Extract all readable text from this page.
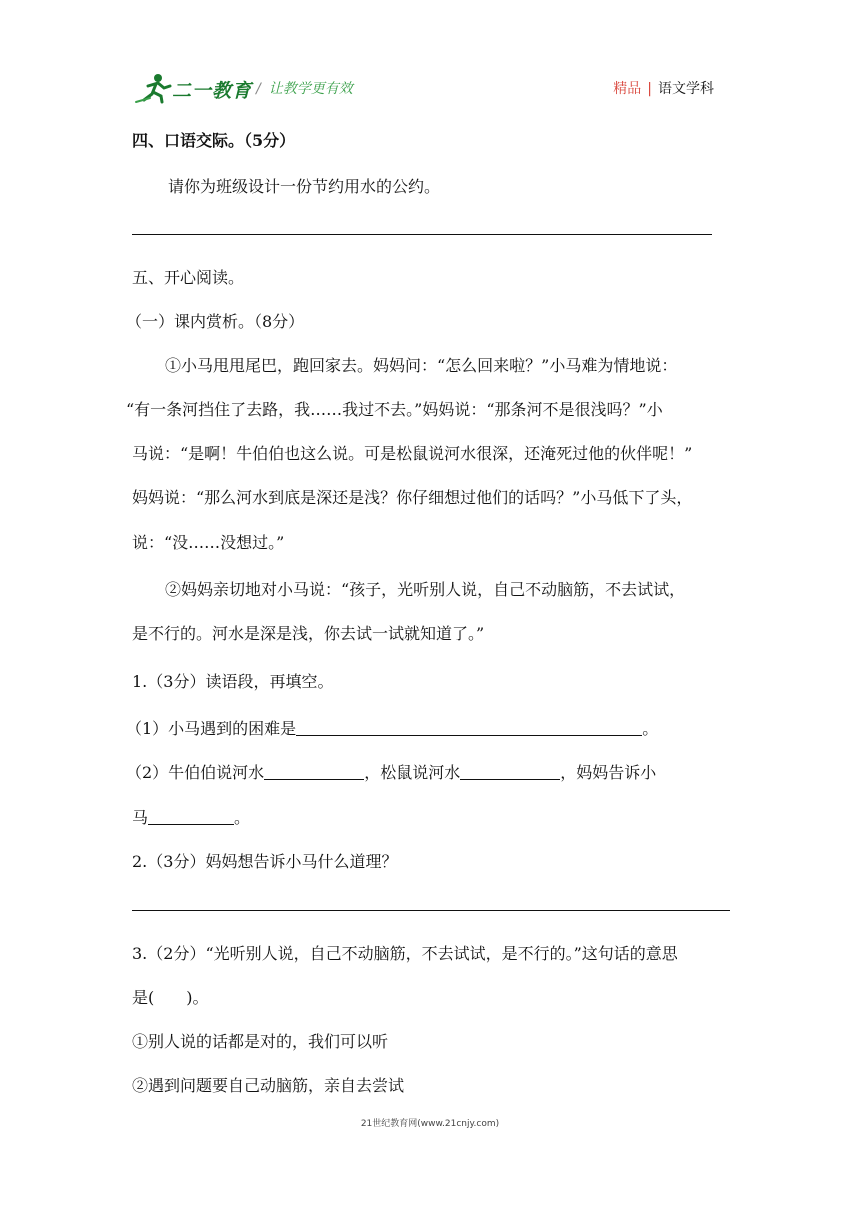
二一教育 / 让教学更有效	精品 | 语文学科
四、口语交际。（5分）
请你为班级设计一份节约用水的公约。
五、开心阅读。
（一）课内赏析。（8分）
①小马甩甩尾巴，跑回家去。妈妈问：“怎么回来啦？”小马难为情地说：
“有一条河挡住了去路，我……我过不去。”妈妈说：“那条河不是很浅吗？”小
马说：“是啊！牛伯伯也这么说。可是松鼠说河水很深，还淹死过他的伙伴呢！”
妈妈说：“那么河水到底是深还是浅？你仔细想过他们的话吗？”小马低下了头，
说：“没……没想过。”
②妈妈亲切地对小马说：“孩子，光听别人说，自己不动脑筋，不去试试，
是不行的。河水是深是浅，你去试一试就知道了。”
1.（3分）读语段，再填空。
（1）小马遇到的困难是	。
（2）牛伯伯说河水	，松鼠说河水	，妈妈告诉小
马	。
2.（3分）妈妈想告诉小马什么道理？
3.（2分）“光听别人说，自己不动脑筋，不去试试，是不行的。”这句话的意思
是(　　)。
①别人说的话都是对的，我们可以听
②遇到问题要自己动脑筋，亲自去尝试
21世纪教育网(www.21cnjy.com)
